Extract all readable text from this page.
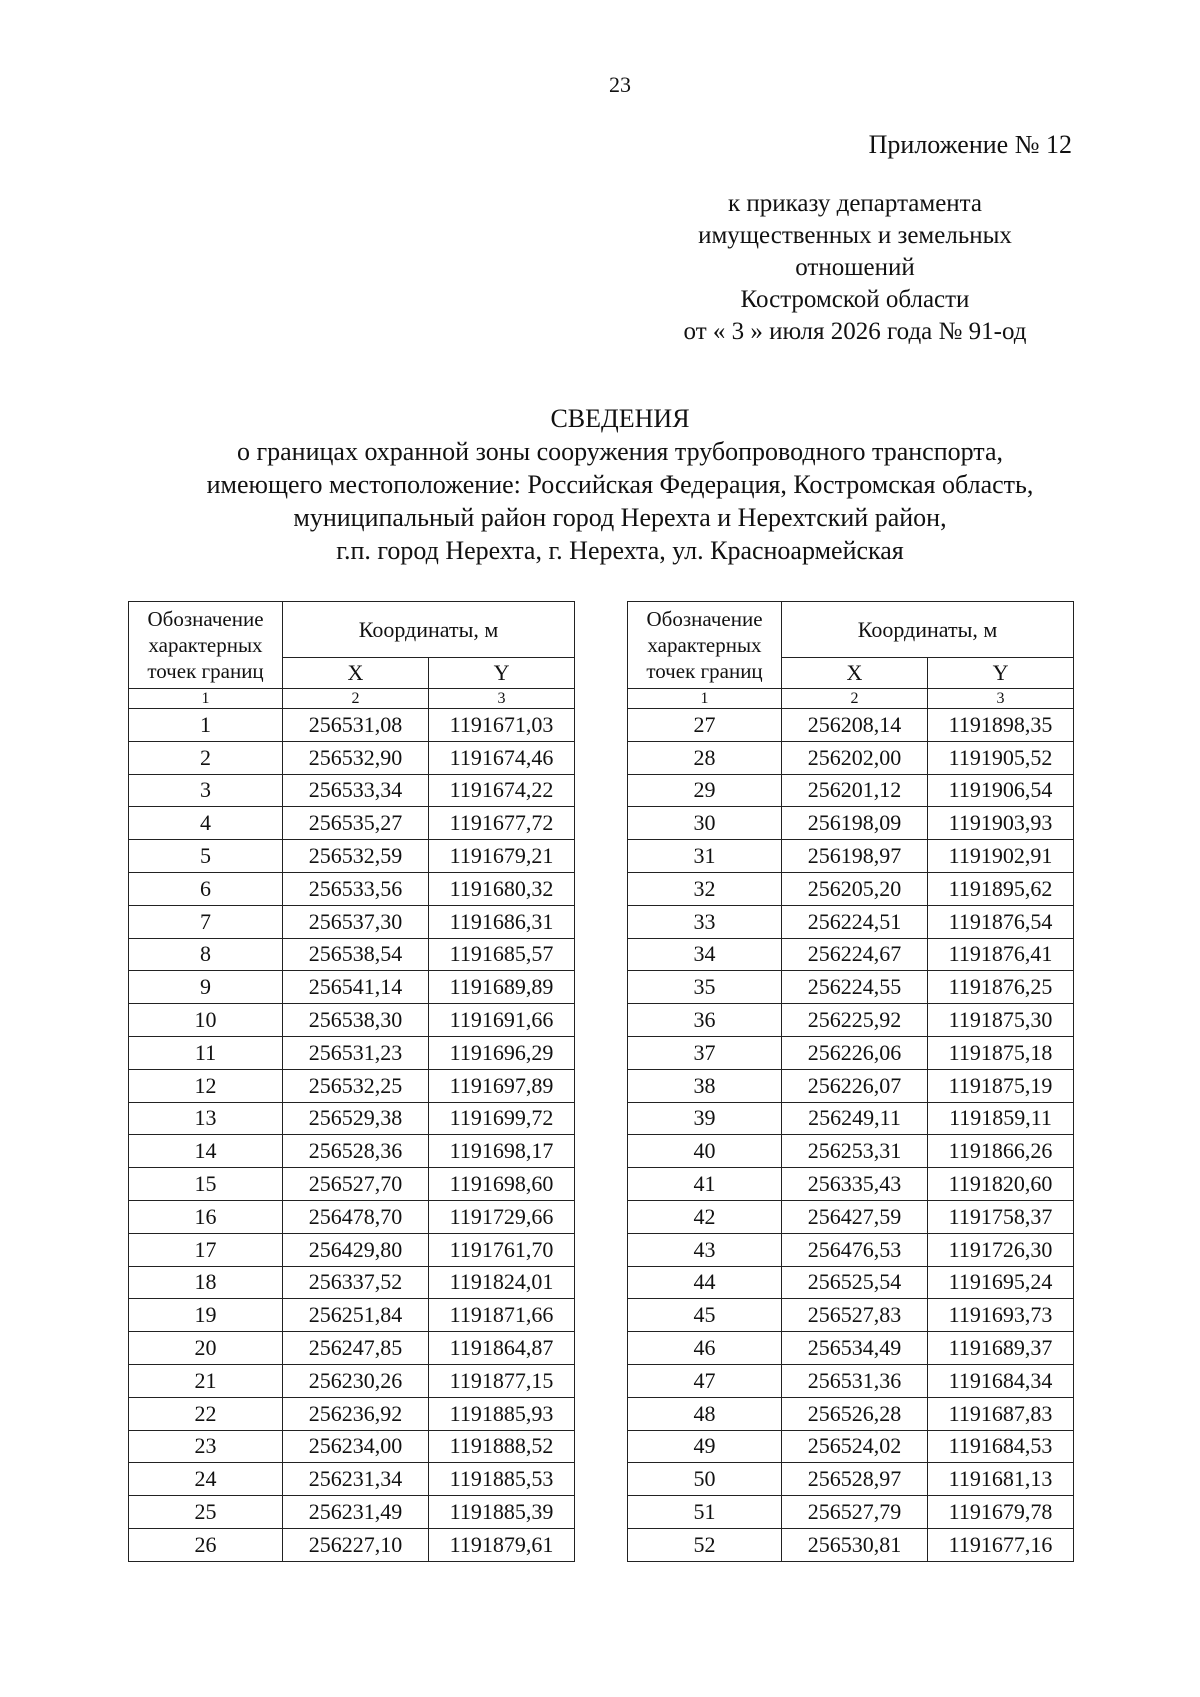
23
Приложение № 12
к приказу департамента
имущественных и земельных
отношений
Костромской области
от « 3 » июля 2026 года № 91-од
СВЕДЕНИЯ
о границах охранной зоны сооружения трубопроводного транспорта,
имеющего местоположение: Российская Федерация, Костромская область,
муниципальный район город Нерехта и Нерехтский район,
г.п. город Нерехта, г. Нерехта, ул. Красноармейская
Обозначение
характерных
точек границ	Координаты, м	
	X	Y
1	2	3
1	256531,08	1191671,03
2	256532,90	1191674,46
3	256533,34	1191674,22
4	256535,27	1191677,72
5	256532,59	1191679,21
6	256533,56	1191680,32
7	256537,30	1191686,31
8	256538,54	1191685,57
9	256541,14	1191689,89
10	256538,30	1191691,66
11	256531,23	1191696,29
12	256532,25	1191697,89
13	256529,38	1191699,72
14	256528,36	1191698,17
15	256527,70	1191698,60
16	256478,70	1191729,66
17	256429,80	1191761,70
18	256337,52	1191824,01
19	256251,84	1191871,66
20	256247,85	1191864,87
21	256230,26	1191877,15
22	256236,92	1191885,93
23	256234,00	1191888,52
24	256231,34	1191885,53
25	256231,49	1191885,39
26	256227,10	1191879,61
Обозначение
характерных
точек границ	Координаты, м	
	X	Y
1	2	3
27	256208,14	1191898,35
28	256202,00	1191905,52
29	256201,12	1191906,54
30	256198,09	1191903,93
31	256198,97	1191902,91
32	256205,20	1191895,62
33	256224,51	1191876,54
34	256224,67	1191876,41
35	256224,55	1191876,25
36	256225,92	1191875,30
37	256226,06	1191875,18
38	256226,07	1191875,19
39	256249,11	1191859,11
40	256253,31	1191866,26
41	256335,43	1191820,60
42	256427,59	1191758,37
43	256476,53	1191726,30
44	256525,54	1191695,24
45	256527,83	1191693,73
46	256534,49	1191689,37
47	256531,36	1191684,34
48	256526,28	1191687,83
49	256524,02	1191684,53
50	256528,97	1191681,13
51	256527,79	1191679,78
52	256530,81	1191677,16
